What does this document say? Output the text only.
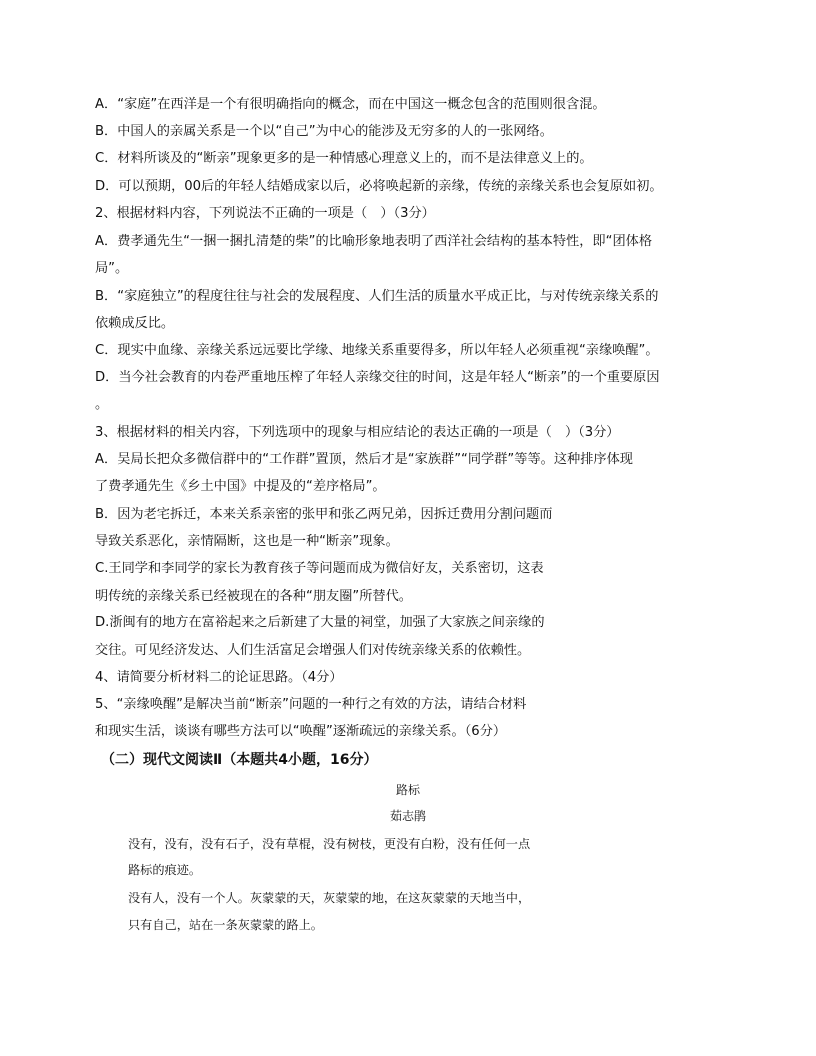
A．“家庭”在西洋是一个有很明确指向的概念，而在中国这一概念包含的范围则很含混。
B．中国人的亲属关系是一个以“自己”为中心的能涉及无穷多的人的一张网络。
C．材料所谈及的“断亲”现象更多的是一种情感心理意义上的，而不是法律意义上的。
D．可以预期，00后的年轻人结婚成家以后，必将唤起新的亲缘，传统的亲缘关系也会复原如初。
2、根据材料内容，下列说法不正确的一项是（　）（3分）
A．费孝通先生“一捆一捆扎清楚的柴”的比喻形象地表明了西洋社会结构的基本特性，即“团体格
局”。
B．“家庭独立”的程度往往与社会的发展程度、人们生活的质量水平成正比，与对传统亲缘关系的
依赖成反比。
C．现实中血缘、亲缘关系远远要比学缘、地缘关系重要得多，所以年轻人必须重视“亲缘唤醒”。
D．当今社会教育的内卷严重地压榨了年轻人亲缘交往的时间，这是年轻人“断亲”的一个重要原因
。
3、根据材料的相关内容，下列选项中的现象与相应结论的表达正确的一项是（　）（3分）
A．吴局长把众多微信群中的“工作群”置顶，然后才是“家族群”“同学群”等等。这种排序体现
了费孝通先生《乡土中国》中提及的“差序格局”。
B．因为老宅拆迁，本来关系亲密的张甲和张乙两兄弟，因拆迁费用分割问题而
导致关系恶化，亲情隔断，这也是一种“断亲”现象。
C.王同学和李同学的家长为教育孩子等问题而成为微信好友，关系密切，这表
明传统的亲缘关系已经被现在的各种“朋友圈”所替代。
D.浙闽有的地方在富裕起来之后新建了大量的祠堂，加强了大家族之间亲缘的
交往。可见经济发达、人们生活富足会增强人们对传统亲缘关系的依赖性。
4、请简要分析材料二的论证思路。（4分）
5、“亲缘唤醒”是解决当前“断亲”问题的一种行之有效的方法，请结合材料
和现实生活，谈谈有哪些方法可以“唤醒”逐渐疏远的亲缘关系。（6分）
（二）现代文阅读Ⅱ（本题共4小题，16分）
路标
茹志鹃
没有，没有，没有石子，没有草棍，没有树枝，更没有白粉，没有任何一点
路标的痕迹。
没有人，没有一个人。灰蒙蒙的天，灰蒙蒙的地，在这灰蒙蒙的天地当中，
只有自己，站在一条灰蒙蒙的路上。
